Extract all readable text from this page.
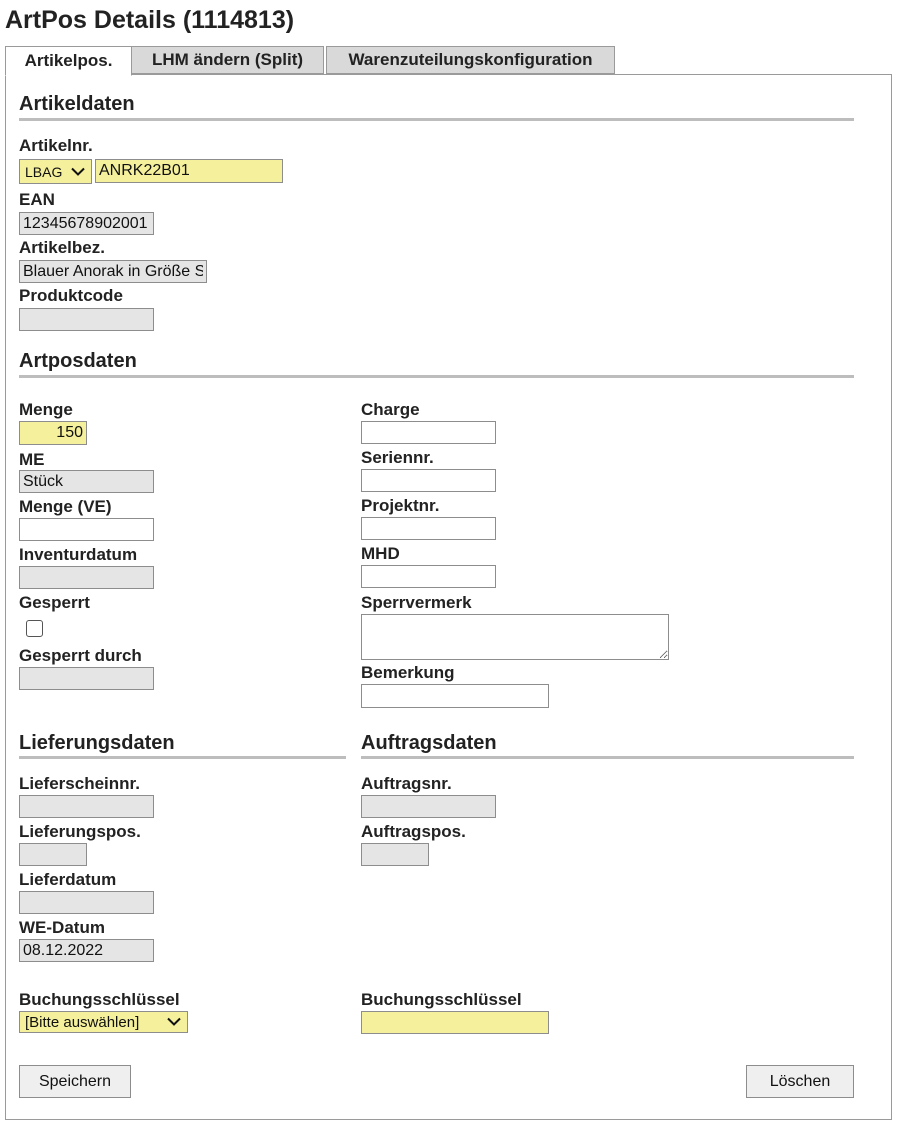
ArtPos Details (1114813)
Artikelpos.	LHM ändern (Split)	Warenzuteilungskonfiguration
Artikeldaten
Artikelnr.
LBAG
ANRK22B01
EAN
12345678902001
Artikelbez.
Blauer Anorak in Größe S
Produktcode
Artposdaten
Menge
150
ME
Stück
Menge (VE)
Inventurdatum
Gesperrt
Gesperrt durch
Charge
Seriennr.
Projektnr.
MHD
Sperrvermerk
Bemerkung
Lieferungsdaten
Lieferscheinnr.
Lieferungspos.
Lieferdatum
WE-Datum
08.12.2022
Buchungsschlüssel
[Bitte auswählen]
Auftragsdaten
Auftragsnr.
Auftragspos.
Buchungsschlüssel
Speichern	Löschen
